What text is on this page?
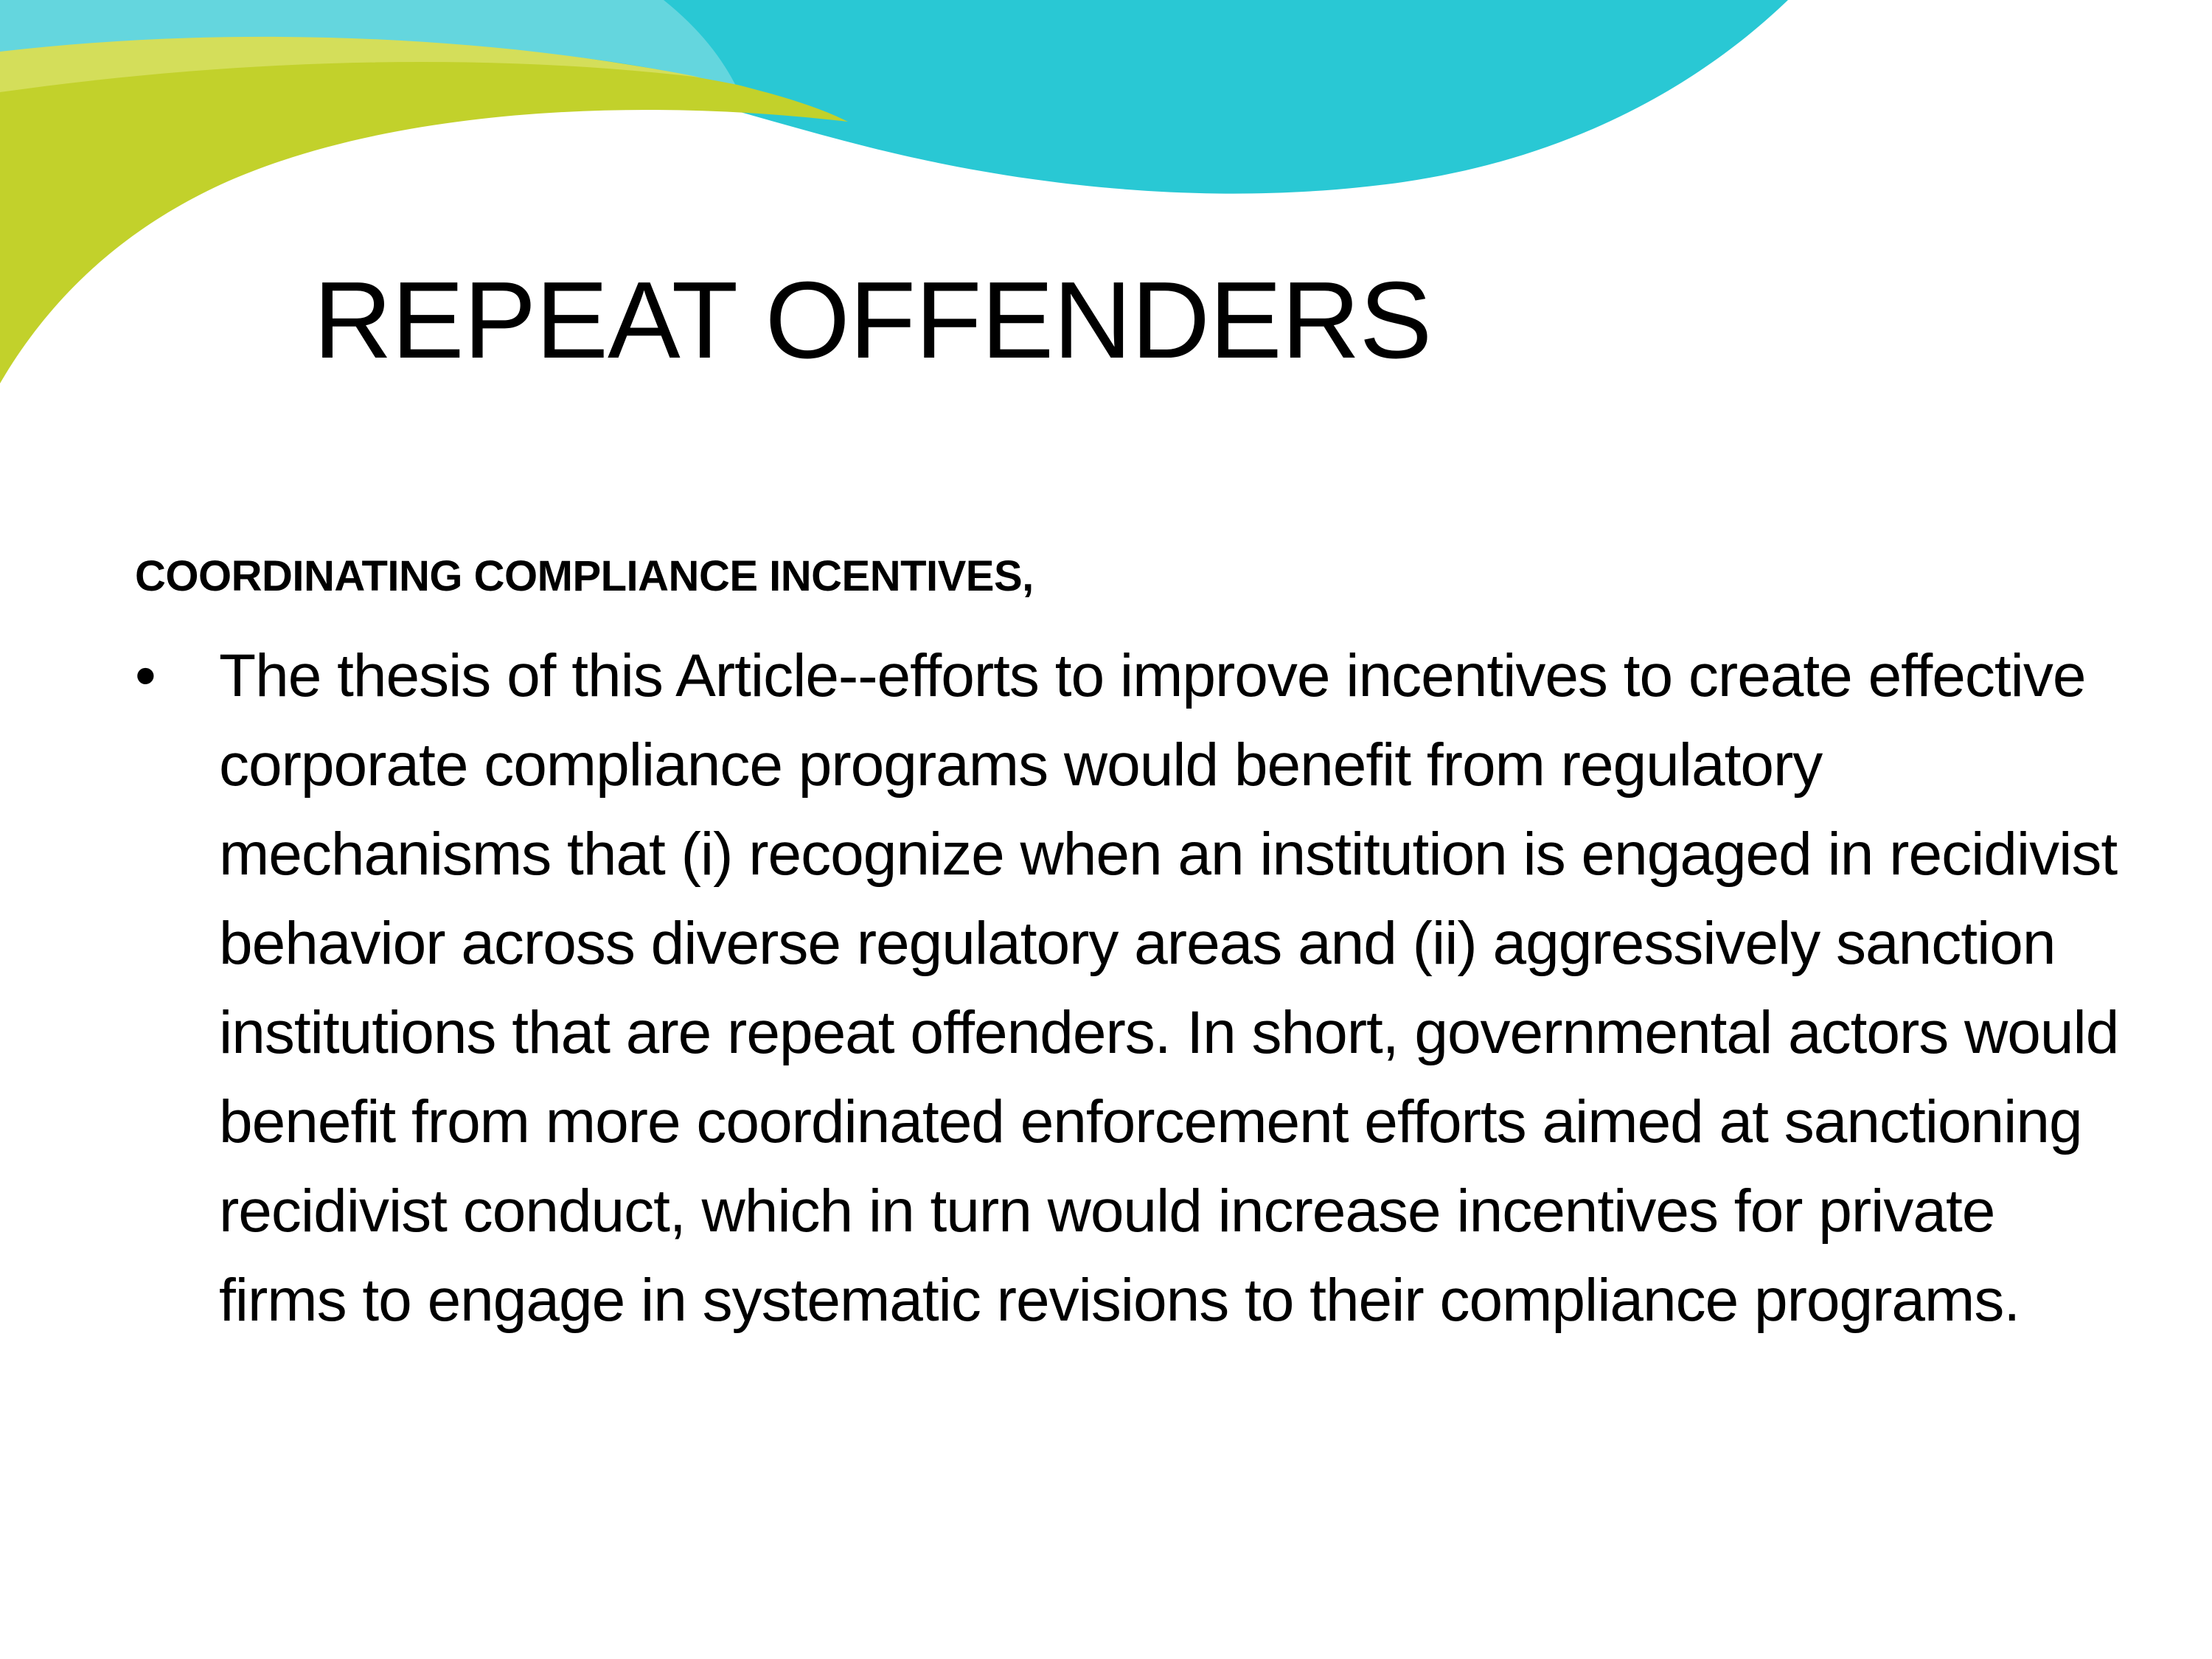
REPEAT OFFENDERS
COORDINATING COMPLIANCE INCENTIVES,
• The thesis of this Article--efforts to improve incentives to create effective corporate compliance programs would benefit from regulatory mechanisms that (i) recognize when an institution is engaged in recidivist behavior across diverse regulatory areas and (ii) aggressively sanction institutions that are repeat offenders. In short, governmental actors would benefit from more coordinated enforcement efforts aimed at sanctioning recidivist conduct, which in turn would increase incentives for private firms to engage in systematic revisions to their compliance programs.
